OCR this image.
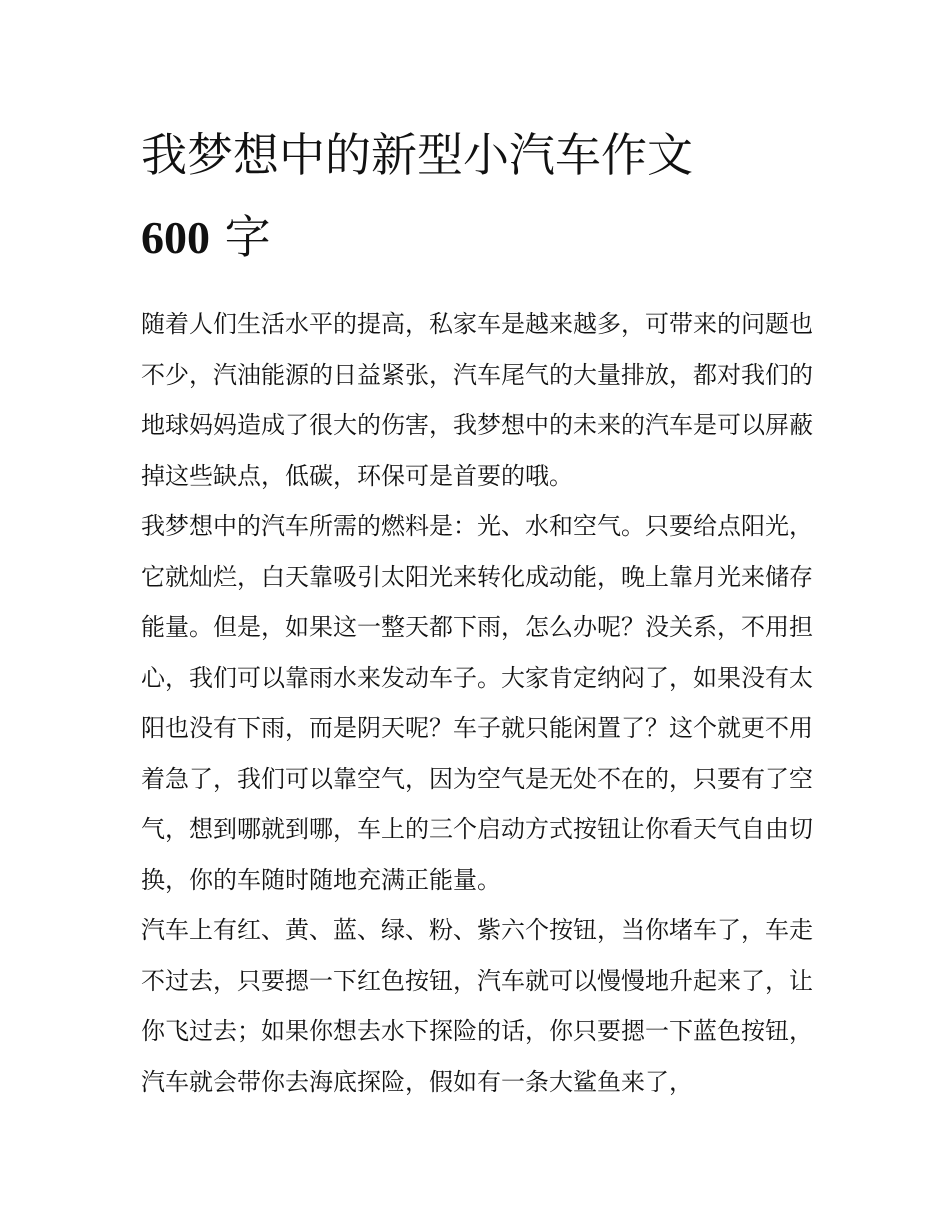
我梦想中的新型小汽车作文
600 字

随着人们生活水平的提高，私家车是越来越多，可带来的问题也不少，汽油能源的日益紧张，汽车尾气的大量排放，都对我们的地球妈妈造成了很大的伤害，我梦想中的未来的汽车是可以屏蔽掉这些缺点，低碳，环保可是首要的哦。

我梦想中的汽车所需的燃料是：光、水和空气。只要给点阳光，它就灿烂，白天靠吸引太阳光来转化成动能，晚上靠月光来储存能量。但是，如果这一整天都下雨，怎么办呢？没关系，不用担心，我们可以靠雨水来发动车子。大家肯定纳闷了，如果没有太阳也没有下雨，而是阴天呢？车子就只能闲置了？这个就更不用着急了，我们可以靠空气，因为空气是无处不在的，只要有了空气，想到哪就到哪，车上的三个启动方式按钮让你看天气自由切换，你的车随时随地充满正能量。

汽车上有红、黄、蓝、绿、粉、紫六个按钮，当你堵车了，车走不过去，只要摁一下红色按钮，汽车就可以慢慢地升起来了，让你飞过去；如果你想去水下探险的话，你只要摁一下蓝色按钮，汽车就会带你去海底探险，假如有一条大鲨鱼来了，
